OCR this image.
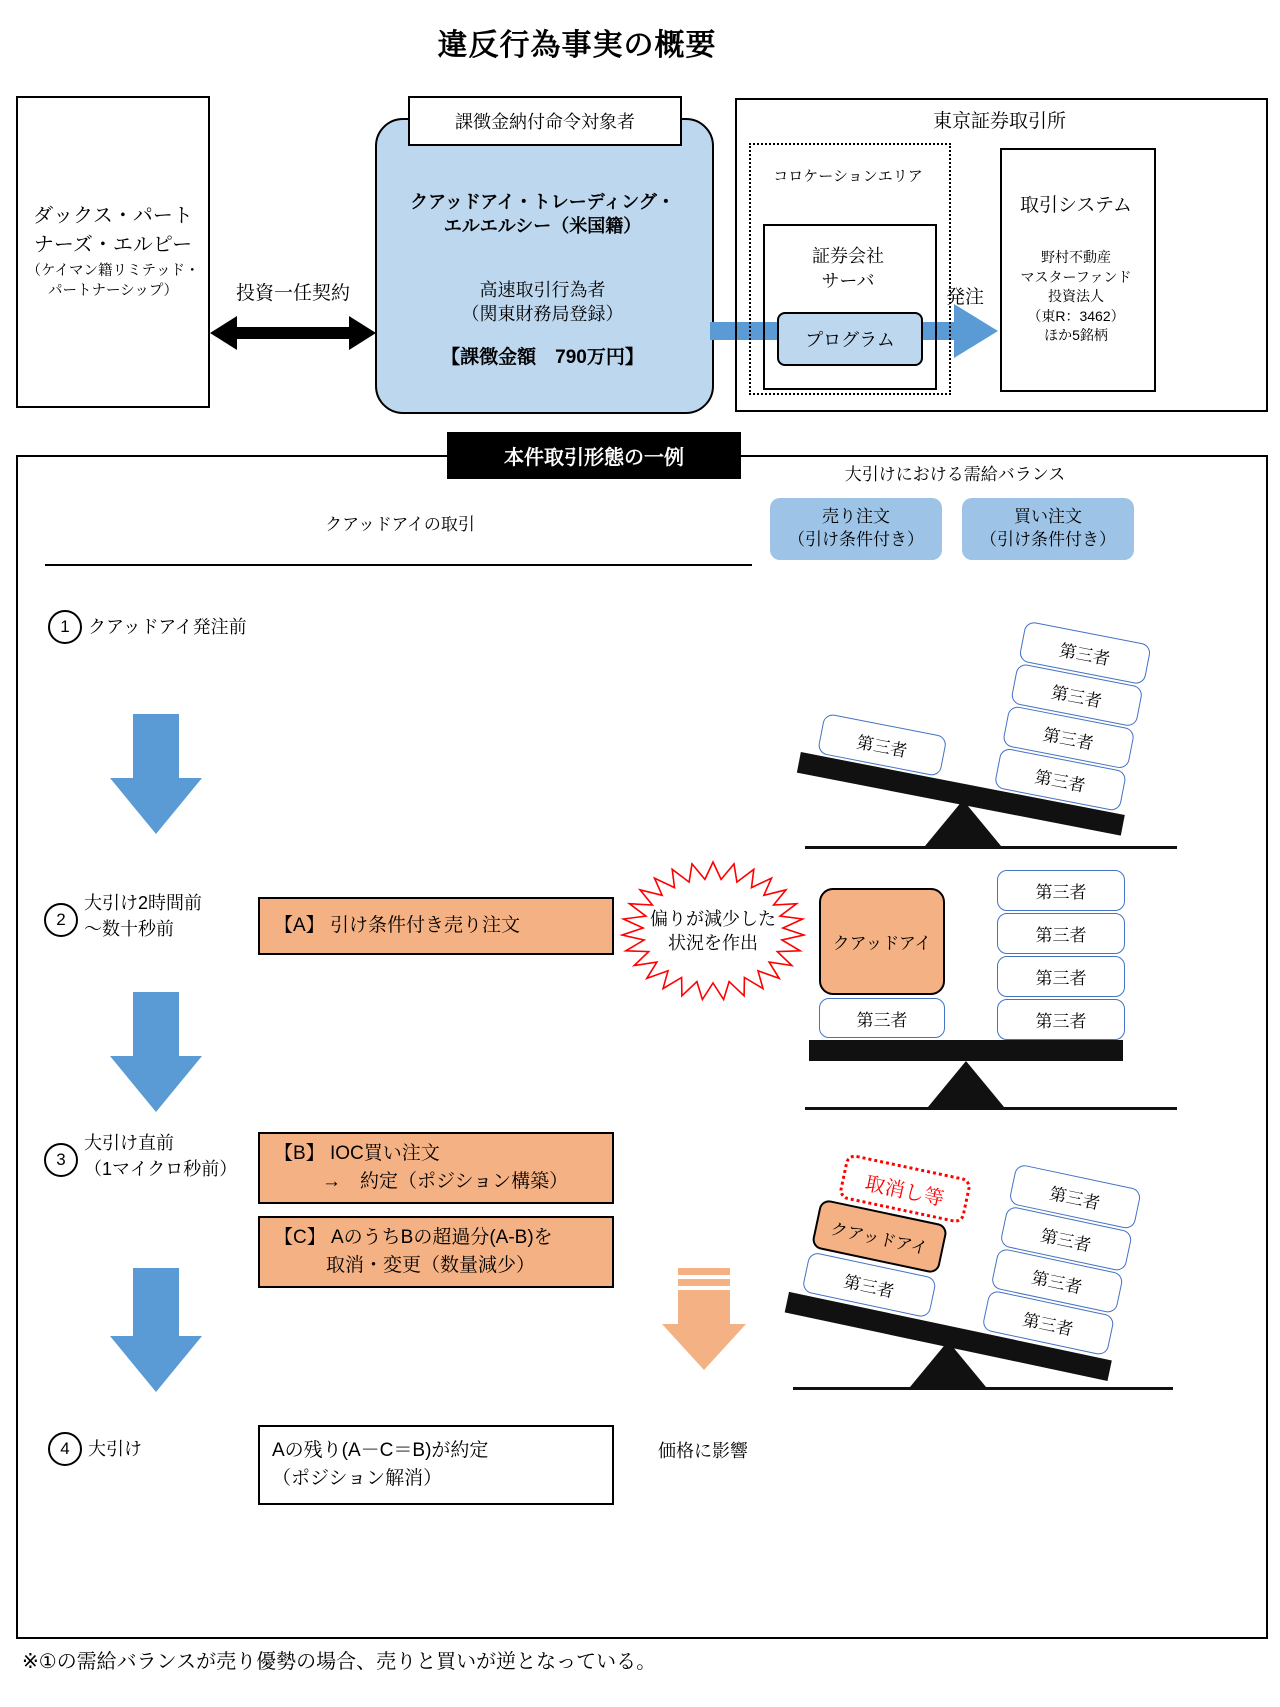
違反行為事実の概要
ダックス・パート
ナーズ・エルピー
（ケイマン籍リミテッド・
パートナーシップ）	投資一任契約
課徴金納付命令対象者
クアッドアイ・トレーディング・
エルエルシー（米国籍）
高速取引行為者
（関東財務局登録）
【課徴金額　790万円】
東京証券取引所
コロケーションエリア
証券会社
サーバ
プログラム
発注
取引システム
野村不動産
マスターファンド
投資法人
（東R：3462）
ほか5銘柄
本件取引形態の一例
大引けにおける需給バランス
売り注文
（引け条件付き）
買い注文
（引け条件付き）
クアッドアイの取引
1	クアッドアイ発注前
2
大引け2時間前
～数十秒前	【A】 引け条件付き売り注文	偏りが減少した
状況を作出
3
大引け直前
（1マイクロ秒前）
【B】 IOC買い注文
→　約定（ポジション構築）
【C】 AのうちBの超過分(A-B)を
取消・変更（数量減少）
4	大引け	Aの残り(A－C＝B)が約定
（ポジション解消）
価格に影響
第三者
第三者
第三者
第三者
第三者
クアッドアイ
第三者
第三者
第三者
第三者
第三者
取消し等
クアッドアイ
第三者
第三者
第三者
第三者
第三者
※①の需給バランスが売り優勢の場合、売りと買いが逆となっている。
